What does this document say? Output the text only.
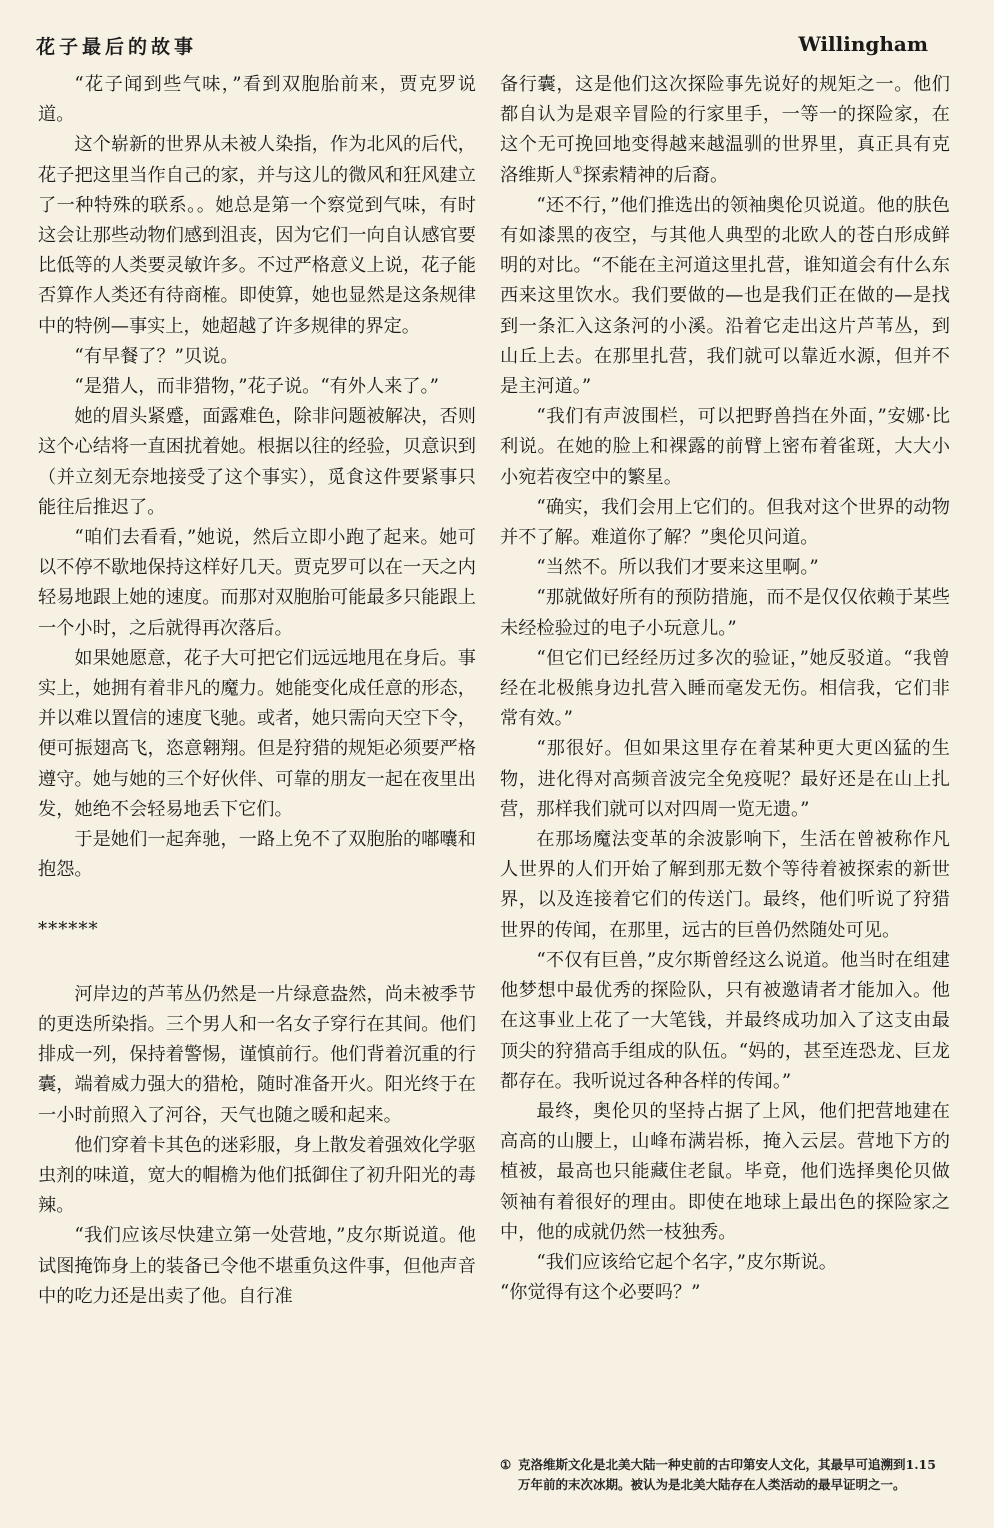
花子最后的故事	Willingham

“花子闻到些气味，”看到双胞胎前来，贾克罗说道。

这个崭新的世界从未被人染指，作为北风的后代，花子把这里当作自己的家，并与这儿的微风和狂风建立了一种特殊的联系。。她总是第一个察觉到气味，有时这会让那些动物们感到沮丧，因为它们一向自认感官要比低等的人类要灵敏许多。不过严格意义上说，花子能否算作人类还有待商榷。即使算，她也显然是这条规律中的特例—事实上，她超越了许多规律的界定。

“有早餐了？”贝说。

“是猎人，而非猎物，”花子说。“有外人来了。”

她的眉头紧蹙，面露难色，除非问题被解决，否则这个心结将一直困扰着她。根据以往的经验，贝意识到（并立刻无奈地接受了这个事实），觅食这件要紧事只能往后推迟了。

“咱们去看看，”她说，然后立即小跑了起来。她可以不停不歇地保持这样好几天。贾克罗可以在一天之内轻易地跟上她的速度。而那对双胞胎可能最多只能跟上一个小时，之后就得再次落后。

如果她愿意，花子大可把它们远远地甩在身后。事实上，她拥有着非凡的魔力。她能变化成任意的形态，并以难以置信的速度飞驰。或者，她只需向天空下令，便可振翅高飞，恣意翱翔。但是狩猎的规矩必须要严格遵守。她与她的三个好伙伴、可靠的朋友一起在夜里出发，她绝不会轻易地丢下它们。

于是她们一起奔驰，一路上免不了双胞胎的嘟囔和抱怨。

******

河岸边的芦苇丛仍然是一片绿意盎然，尚未被季节的更迭所染指。三个男人和一名女子穿行在其间。他们排成一列，保持着警惕，谨慎前行。他们背着沉重的行囊，端着威力强大的猎枪，随时准备开火。阳光终于在一小时前照入了河谷，天气也随之暖和起来。

他们穿着卡其色的迷彩服，身上散发着强效化学驱虫剂的味道，宽大的帽檐为他们抵御住了初升阳光的毒辣。

“我们应该尽快建立第一处营地，”皮尔斯说道。他试图掩饰身上的装备已令他不堪重负这件事，但他声音中的吃力还是出卖了他。自行准

备行囊，这是他们这次探险事先说好的规矩之一。他们都自认为是艰辛冒险的行家里手，一等一的探险家，在这个无可挽回地变得越来越温驯的世界里，真正具有克洛维斯人①探索精神的后裔。

“还不行，”他们推选出的领袖奥伦贝说道。他的肤色有如漆黑的夜空，与其他人典型的北欧人的苍白形成鲜明的对比。“不能在主河道这里扎营，谁知道会有什么东西来这里饮水。我们要做的—也是我们正在做的—是找到一条汇入这条河的小溪。沿着它走出这片芦苇丛，到山丘上去。在那里扎营，我们就可以靠近水源，但并不是主河道。”

“我们有声波围栏，可以把野兽挡在外面，”安娜·比利说。在她的脸上和裸露的前臂上密布着雀斑，大大小小宛若夜空中的繁星。

“确实，我们会用上它们的。但我对这个世界的动物并不了解。难道你了解？”奥伦贝问道。

“当然不。所以我们才要来这里啊。”

“那就做好所有的预防措施，而不是仅仅依赖于某些未经检验过的电子小玩意儿。”

“但它们已经经历过多次的验证，”她反驳道。“我曾经在北极熊身边扎营入睡而毫发无伤。相信我，它们非常有效。”

“那很好。但如果这里存在着某种更大更凶猛的生物，进化得对高频音波完全免疫呢？最好还是在山上扎营，那样我们就可以对四周一览无遗。”

在那场魔法变革的余波影响下，生活在曾被称作凡人世界的人们开始了解到那无数个等待着被探索的新世界，以及连接着它们的传送门。最终，他们听说了狩猎世界的传闻，在那里，远古的巨兽仍然随处可见。

“不仅有巨兽，”皮尔斯曾经这么说道。他当时在组建他梦想中最优秀的探险队，只有被邀请者才能加入。他在这事业上花了一大笔钱，并最终成功加入了这支由最顶尖的狩猎高手组成的队伍。“妈的，甚至连恐龙、巨龙都存在。我听说过各种各样的传闻。”

最终，奥伦贝的坚持占据了上风，他们把营地建在高高的山腰上，山峰布满岩栎，掩入云层。营地下方的植被，最高也只能藏住老鼠。毕竟，他们选择奥伦贝做领袖有着很好的理由。即使在地球上最出色的探险家之中，他的成就仍然一枝独秀。

“我们应该给它起个名字，”皮尔斯说。

“你觉得有这个必要吗？”

① 克洛维斯文化是北美大陆一种史前的古印第安人文化，其最早可追溯到1.15万年前的末次冰期。被认为是北美大陆存在人类活动的最早证明之一。
